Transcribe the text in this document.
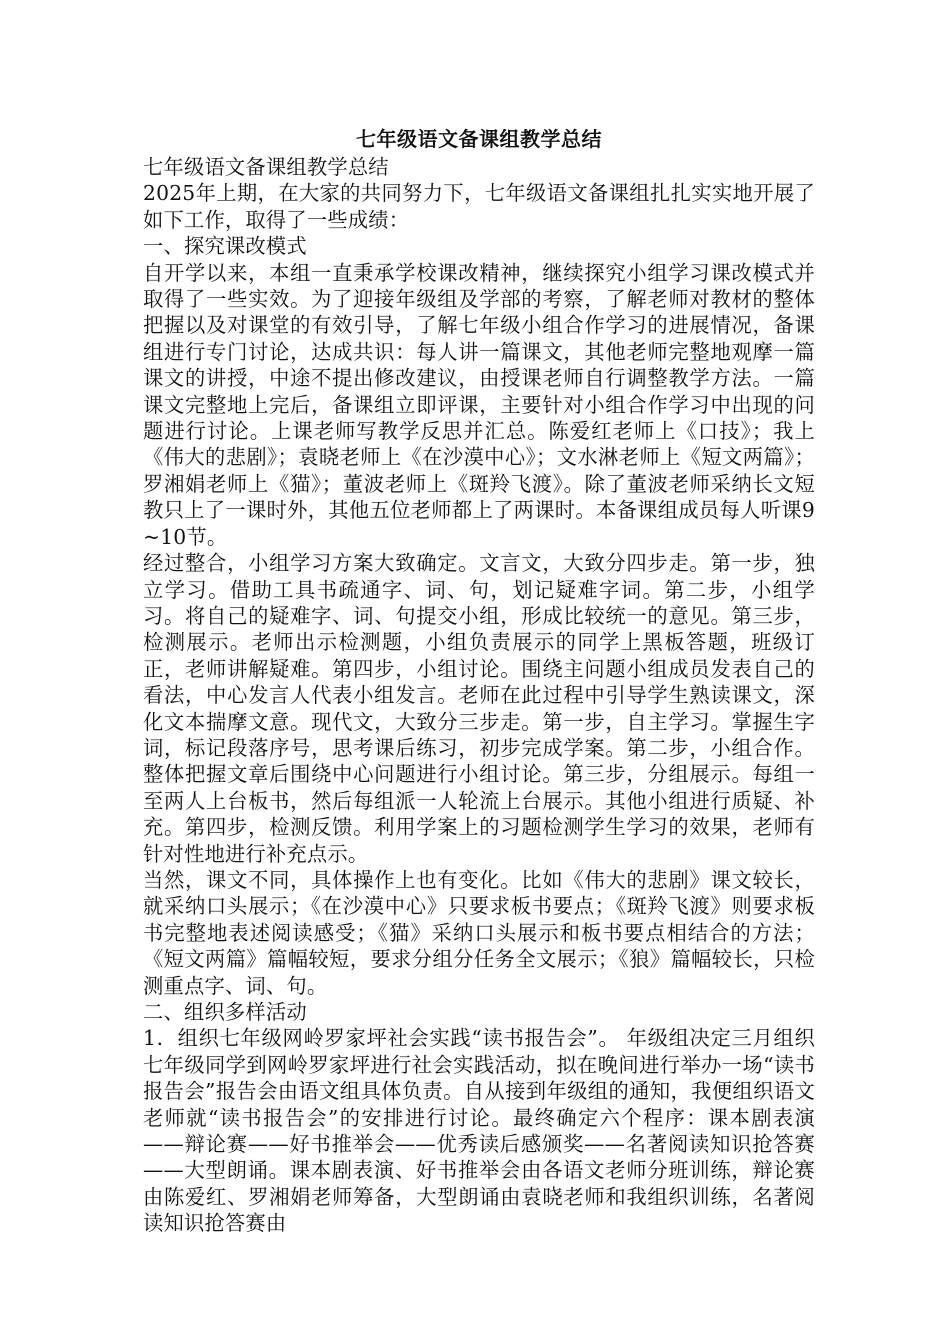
七年级语文备课组教学总结

七年级语文备课组教学总结

2025年上期，在大家的共同努力下，七年级语文备课组扎扎实实地开展了如下工作，取得了一些成绩：

一、探究课改模式

自开学以来，本组一直秉承学校课改精神，继续探究小组学习课改模式并取得了一些实效。为了迎接年级组及学部的考察，了解老师对教材的整体把握以及对课堂的有效引导，了解七年级小组合作学习的进展情况，备课组进行专门讨论，达成共识：每人讲一篇课文，其他老师完整地观摩一篇课文的讲授，中途不提出修改建议，由授课老师自行调整教学方法。一篇课文完整地上完后，备课组立即评课，主要针对小组合作学习中出现的问题进行讨论。上课老师写教学反思并汇总。陈爱红老师上《口技》；我上《伟大的悲剧》；袁晓老师上《在沙漠中心》；文水淋老师上《短文两篇》；罗湘娟老师上《猫》；董波老师上《斑羚飞渡》。除了董波老师采纳长文短教只上了一课时外，其他五位老师都上了两课时。本备课组成员每人听课9~10节。

经过整合，小组学习方案大致确定。文言文，大致分四步走。第一步，独立学习。借助工具书疏通字、词、句，划记疑难字词。第二步，小组学习。将自己的疑难字、词、句提交小组，形成比较统一的意见。第三步，检测展示。老师出示检测题，小组负责展示的同学上黑板答题，班级订正，老师讲解疑难。第四步，小组讨论。围绕主问题小组成员发表自己的看法，中心发言人代表小组发言。老师在此过程中引导学生熟读课文，深化文本揣摩文意。现代文，大致分三步走。第一步，自主学习。掌握生字词，标记段落序号，思考课后练习，初步完成学案。第二步，小组合作。整体把握文章后围绕中心问题进行小组讨论。第三步，分组展示。每组一至两人上台板书，然后每组派一人轮流上台展示。其他小组进行质疑、补充。第四步，检测反馈。利用学案上的习题检测学生学习的效果，老师有针对性地进行补充点示。

当然，课文不同，具体操作上也有变化。比如《伟大的悲剧》课文较长，就采纳口头展示；《在沙漠中心》只要求板书要点；《斑羚飞渡》则要求板书完整地表述阅读感受；《猫》采纳口头展示和板书要点相结合的方法；《短文两篇》篇幅较短，要求分组分任务全文展示；《狼》篇幅较长，只检测重点字、词、句。

二、组织多样活动

1．组织七年级网岭罗家坪社会实践“读书报告会”。 年级组决定三月组织七年级同学到网岭罗家坪进行社会实践活动，拟在晚间进行举办一场“读书报告会”报告会由语文组具体负责。自从接到年级组的通知，我便组织语文老师就“读书报告会”的安排进行讨论。最终确定六个程序：课本剧表演——辩论赛——好书推举会——优秀读后感颁奖——名著阅读知识抢答赛——大型朗诵。课本剧表演、好书推举会由各语文老师分班训练，辩论赛由陈爱红、罗湘娟老师筹备，大型朗诵由袁晓老师和我组织训练，名著阅读知识抢答赛由
